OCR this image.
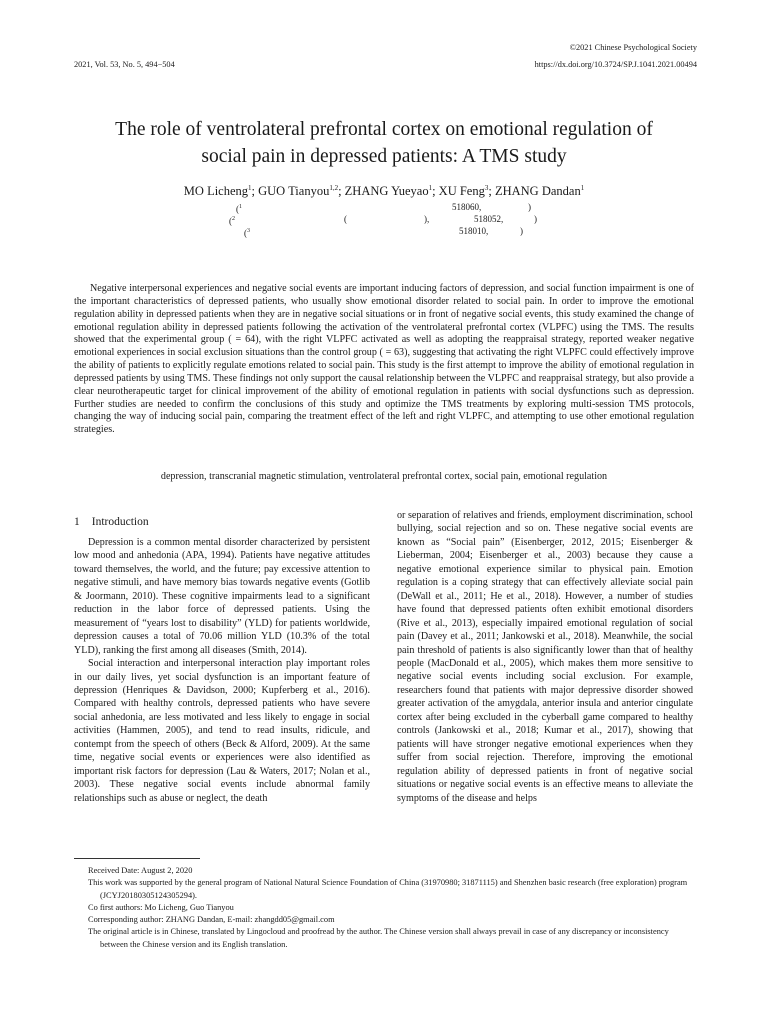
©2021 Chinese Psychological Society
2021, Vol. 53, No. 5, 494−504	https://dx.doi.org/10.3724/SP.J.1041.2021.00494
The role of ventrolateral prefrontal cortex on emotional regulation of
social pain in depressed patients: A TMS study
MO Licheng$^1$; GUO Tianyou$^{1,2}$; ZHANG Yueyao$^1$; XU Feng$^3$; ZHANG Dandan$^1$
($^1$	518060,	)
($^2$	(	),	518052,	)
($^3$	518010,	)
Negative interpersonal experiences and negative social events are important inducing factors of depression, and social function impairment is one of the important characteristics of depressed patients, who usually show emotional disorder related to social pain. In order to improve the emotional regulation ability in depressed patients when they are in negative social situations or in front of negative social events, this study examined the change of emotional regulation ability in depressed patients following the activation of the ventrolateral prefrontal cortex (VLPFC) using the TMS. The results showed that the experimental group ( = 64), with the right VLPFC activated as well as adopting the reappraisal strategy, reported weaker negative emotional experiences in social exclusion situations than the control group ( = 63), suggesting that activating the right VLPFC could effectively improve the ability of patients to explicitly regulate emotions related to social pain. This study is the first attempt to improve the ability of emotional regulation in depressed patients by using TMS. These findings not only support the causal relationship between the VLPFC and reappraisal strategy, but also provide a clear neurotherapeutic target for clinical improvement of the ability of emotional regulation in patients with social dysfunctions such as depression. Further studies are needed to confirm the conclusions of this study and optimize the TMS treatments by exploring multi-session TMS protocols, changing the way of inducing social pain, comparing the treatment effect of the left and right VLPFC, and attempting to use other emotional regulation strategies.
depression, transcranial magnetic stimulation, ventrolateral prefrontal cortex, social pain, emotional regulation
1 Introduction

Depression is a common mental disorder characterized by persistent low mood and anhedonia (APA, 1994). Patients have negative attitudes toward themselves, the world, and the future; pay excessive attention to negative stimuli, and have memory bias towards negative events (Gotlib & Joormann, 2010). These cognitive impairments lead to a significant reduction in the labor force of depressed patients. Using the measurement of “years lost to disability” (YLD) for patients worldwide, depression causes a total of 70.06 million YLD (10.3% of the total YLD), ranking the first among all diseases (Smith, 2014).

Social interaction and interpersonal interaction play important roles in our daily lives, yet social dysfunction is an important feature of depression (Henriques & Davidson, 2000; Kupferberg et al., 2016). Compared with healthy controls, depressed patients who have severe social anhedonia, are less motivated and less likely to engage in social activities (Hammen, 2005), and tend to read insults, ridicule, and contempt from the speech of others (Beck & Alford, 2009). At the same time, negative social events or experiences were also identified as important risk factors for depression (Lau & Waters, 2017; Nolan et al., 2003). These negative social events include abnormal family relationships such as abuse or neglect, the death

or separation of relatives and friends, employment discrimination, school bullying, social rejection and so on. These negative social events are known as “Social pain” (Eisenberger, 2012, 2015; Eisenberger & Lieberman, 2004; Eisenberger et al., 2003) because they cause a negative emotional experience similar to physical pain. Emotion regulation is a coping strategy that can effectively alleviate social pain (DeWall et al., 2011; He et al., 2018). However, a number of studies have found that depressed patients often exhibit emotional disorders (Rive et al., 2013), especially impaired emotional regulation of social pain (Davey et al., 2011; Jankowski et al., 2018). Meanwhile, the social pain threshold of patients is also significantly lower than that of healthy people (MacDonald et al., 2005), which makes them more sensitive to negative social events including social exclusion. For example, researchers found that patients with major depressive disorder showed greater activation of the amygdala, anterior insula and anterior cingulate cortex after being excluded in the cyberball game compared to healthy controls (Jankowski et al., 2018; Kumar et al., 2017), showing that patients will have stronger negative emotional experiences when they suffer from social rejection. Therefore, improving the emotional regulation ability of depressed patients in front of negative social situations or negative social events is an effective means to alleviate the symptoms of the disease and helps

Received Date: August 2, 2020
This work was supported by the general program of National Natural Science Foundation of China (31970980; 31871115) and Shenzhen basic research (free exploration) program (JCYJ20180305124305294).
Co first authors: Mo Licheng, Guo Tianyou
Corresponding author: ZHANG Dandan, E-mail: zhangdd05@gmail.com
The original article is in Chinese, translated by Lingocloud and proofread by the author. The Chinese version shall always prevail in case of any discrepancy or inconsistency between the Chinese version and its English translation.
